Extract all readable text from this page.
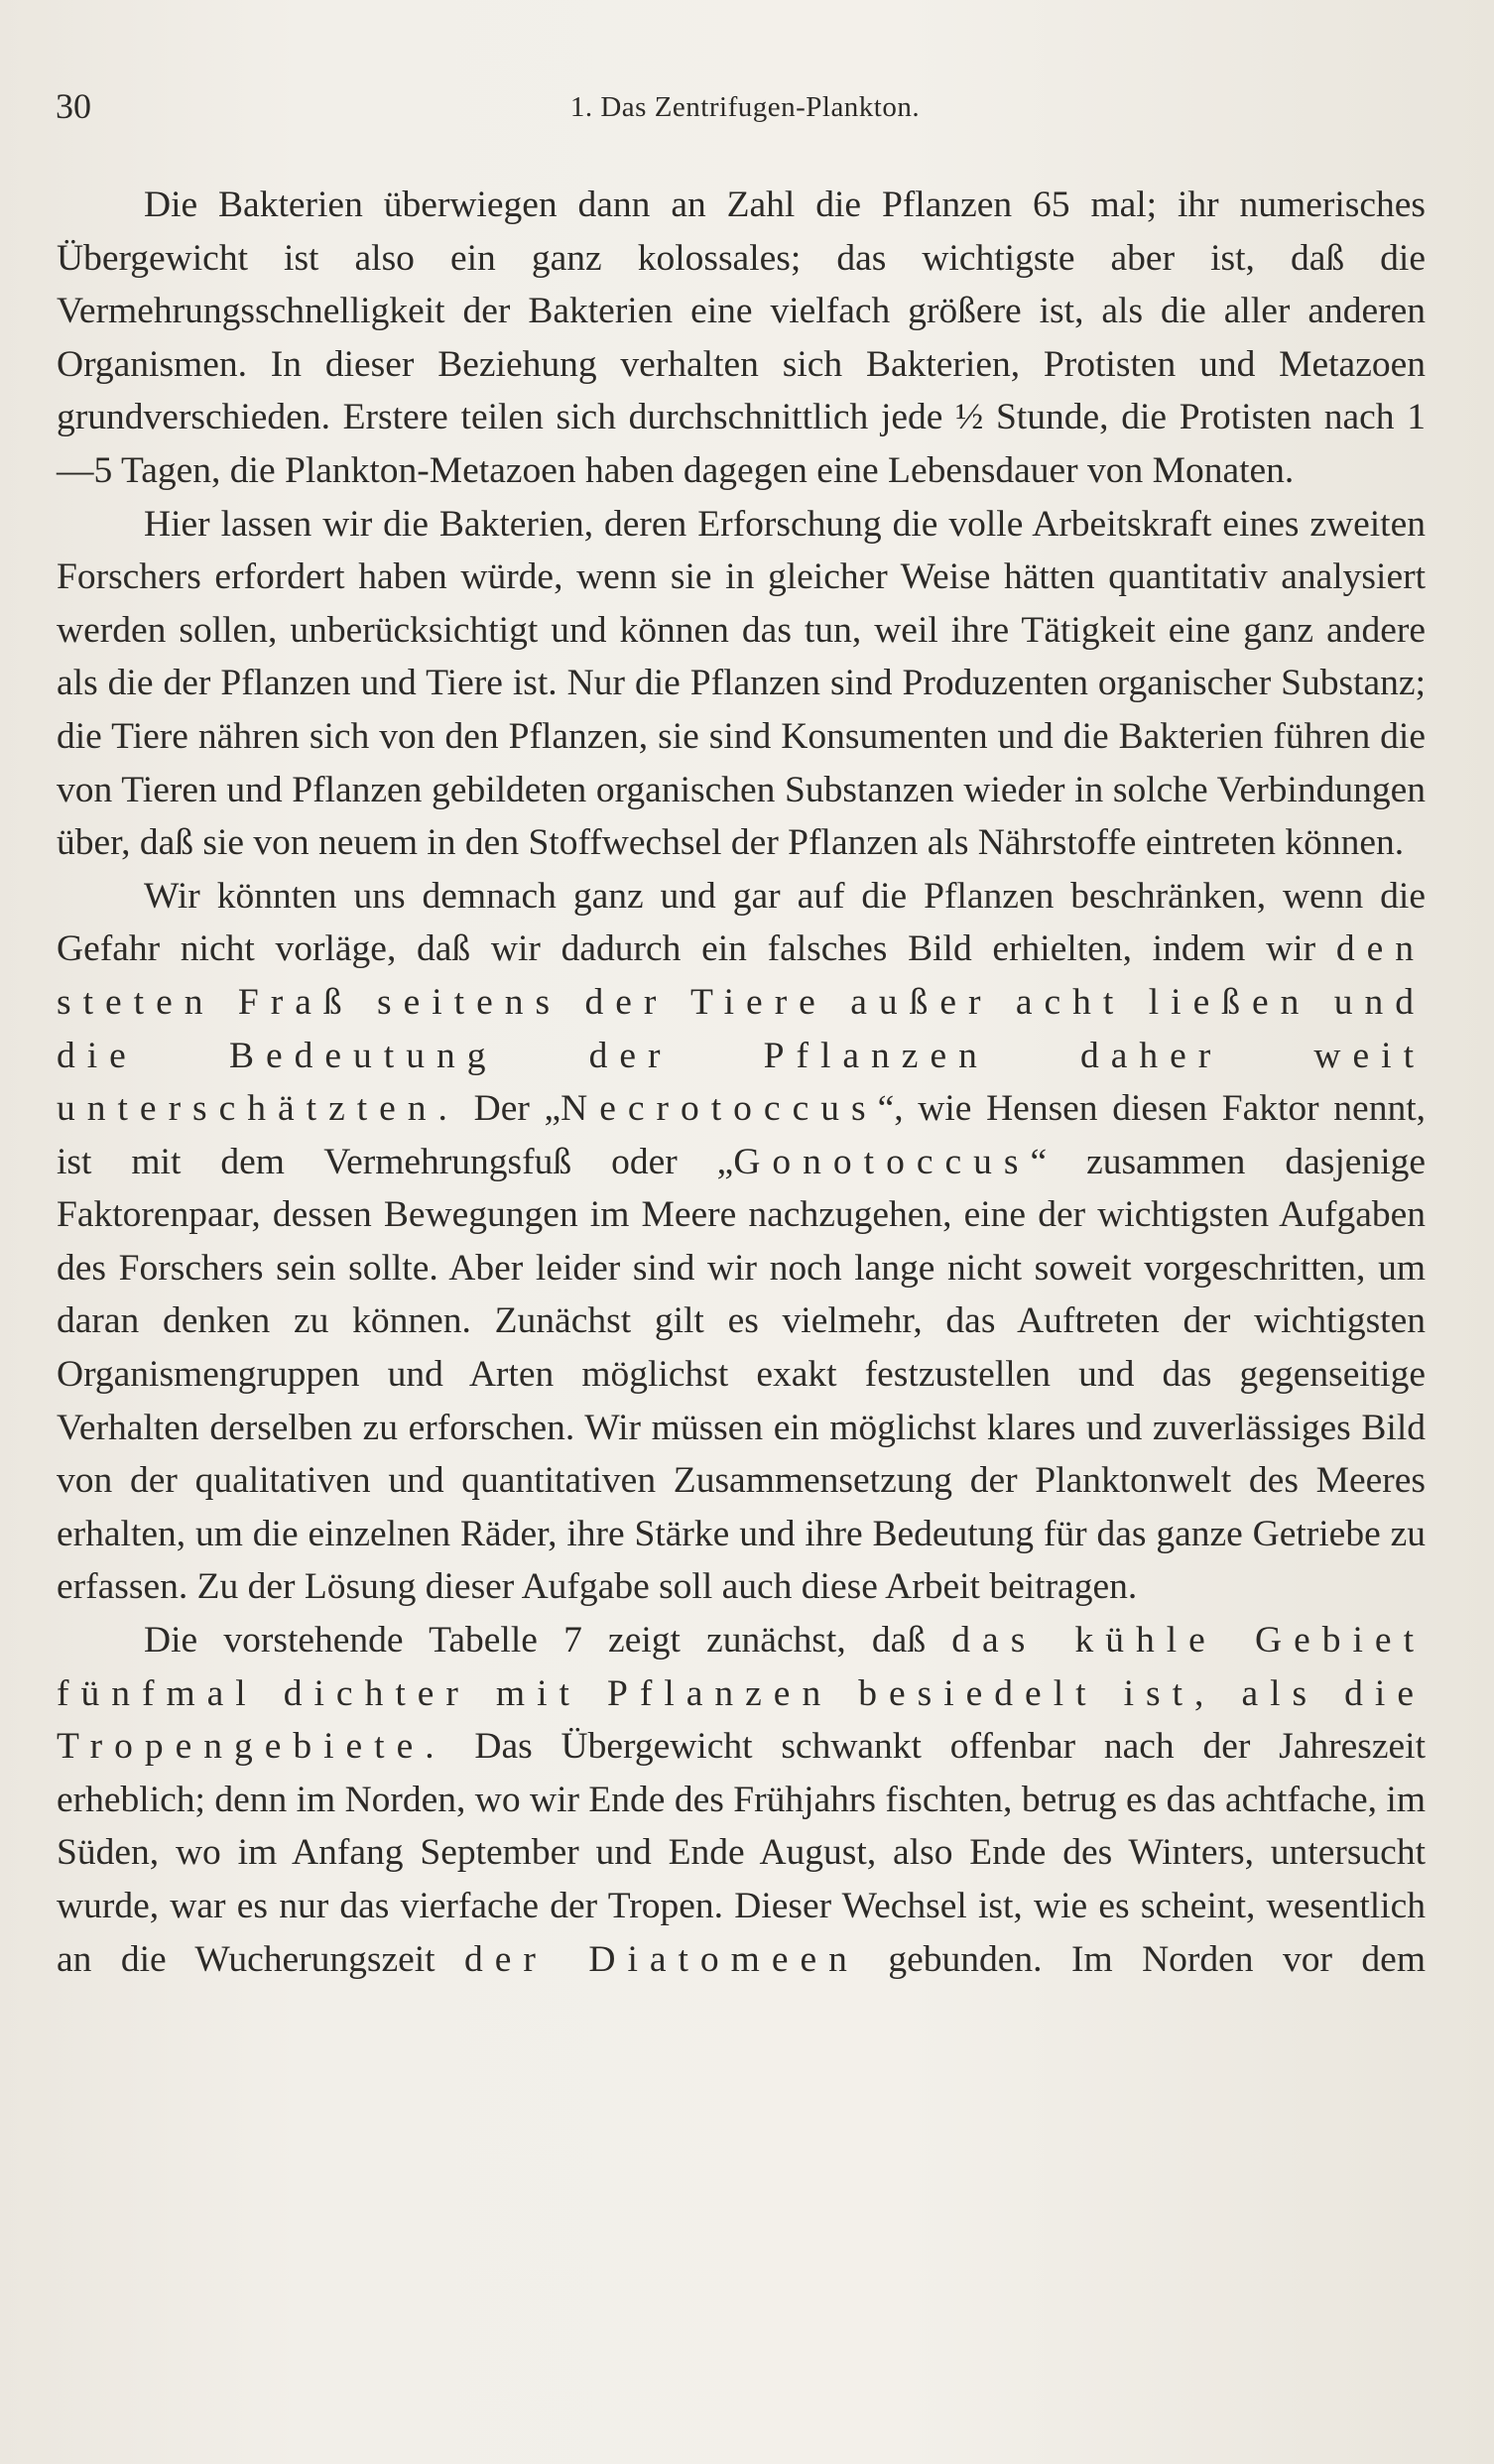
30	1. Das Zentrifugen-Plankton.

Die Bakterien überwiegen dann an Zahl die Pflanzen 65 mal; ihr numerisches Übergewicht ist also ein ganz kolossales; das wichtigste aber ist, daß die Vermehrungsschnelligkeit der Bakterien eine vielfach größere ist, als die aller anderen Organismen. In dieser Beziehung verhalten sich Bakterien, Protisten und Metazoen grundverschieden. Erstere teilen sich durchschnittlich jede ½ Stunde, die Protisten nach 1—5 Tagen, die Plankton-Metazoen haben dagegen eine Lebensdauer von Monaten.

Hier lassen wir die Bakterien, deren Erforschung die volle Arbeitskraft eines zweiten Forschers erfordert haben würde, wenn sie in gleicher Weise hätten quantitativ analysiert werden sollen, unberücksichtigt und können das tun, weil ihre Tätigkeit eine ganz andere als die der Pflanzen und Tiere ist. Nur die Pflanzen sind Produzenten organischer Substanz; die Tiere nähren sich von den Pflanzen, sie sind Konsumenten und die Bakterien führen die von Tieren und Pflanzen gebildeten organischen Substanzen wieder in solche Verbindungen über, daß sie von neuem in den Stoffwechsel der Pflanzen als Nährstoffe eintreten können.

Wir könnten uns demnach ganz und gar auf die Pflanzen beschränken, wenn die Gefahr nicht vorläge, daß wir dadurch ein falsches Bild erhielten, indem wir den steten Fraß seitens der Tiere außer acht ließen und die Bedeutung der Pflanzen daher weit unterschätzten. Der „Necrotoccus“, wie Hensen diesen Faktor nennt, ist mit dem Vermehrungsfuß oder „Gonotoccus“ zusammen dasjenige Faktorenpaar, dessen Bewegungen im Meere nachzugehen, eine der wichtigsten Aufgaben des Forschers sein sollte. Aber leider sind wir noch lange nicht soweit vorgeschritten, um daran denken zu können. Zunächst gilt es vielmehr, das Auftreten der wichtigsten Organismengruppen und Arten möglichst exakt festzustellen und das gegenseitige Verhalten derselben zu erforschen. Wir müssen ein möglichst klares und zuverlässiges Bild von der qualitativen und quantitativen Zusammensetzung der Planktonwelt des Meeres erhalten, um die einzelnen Räder, ihre Stärke und ihre Bedeutung für das ganze Getriebe zu erfassen. Zu der Lösung dieser Aufgabe soll auch diese Arbeit beitragen.

Die vorstehende Tabelle 7 zeigt zunächst, daß das kühle Gebiet fünfmal dichter mit Pflanzen besiedelt ist, als die Tropengebiete. Das Übergewicht schwankt offenbar nach der Jahreszeit erheblich; denn im Norden, wo wir Ende des Frühjahrs fischten, betrug es das achtfache, im Süden, wo im Anfang September und Ende August, also Ende des Winters, untersucht wurde, war es nur das vierfache der Tropen. Dieser Wechsel ist, wie es scheint, wesentlich an die Wucherungszeit der Diatomeen gebunden. Im Norden vor dem
